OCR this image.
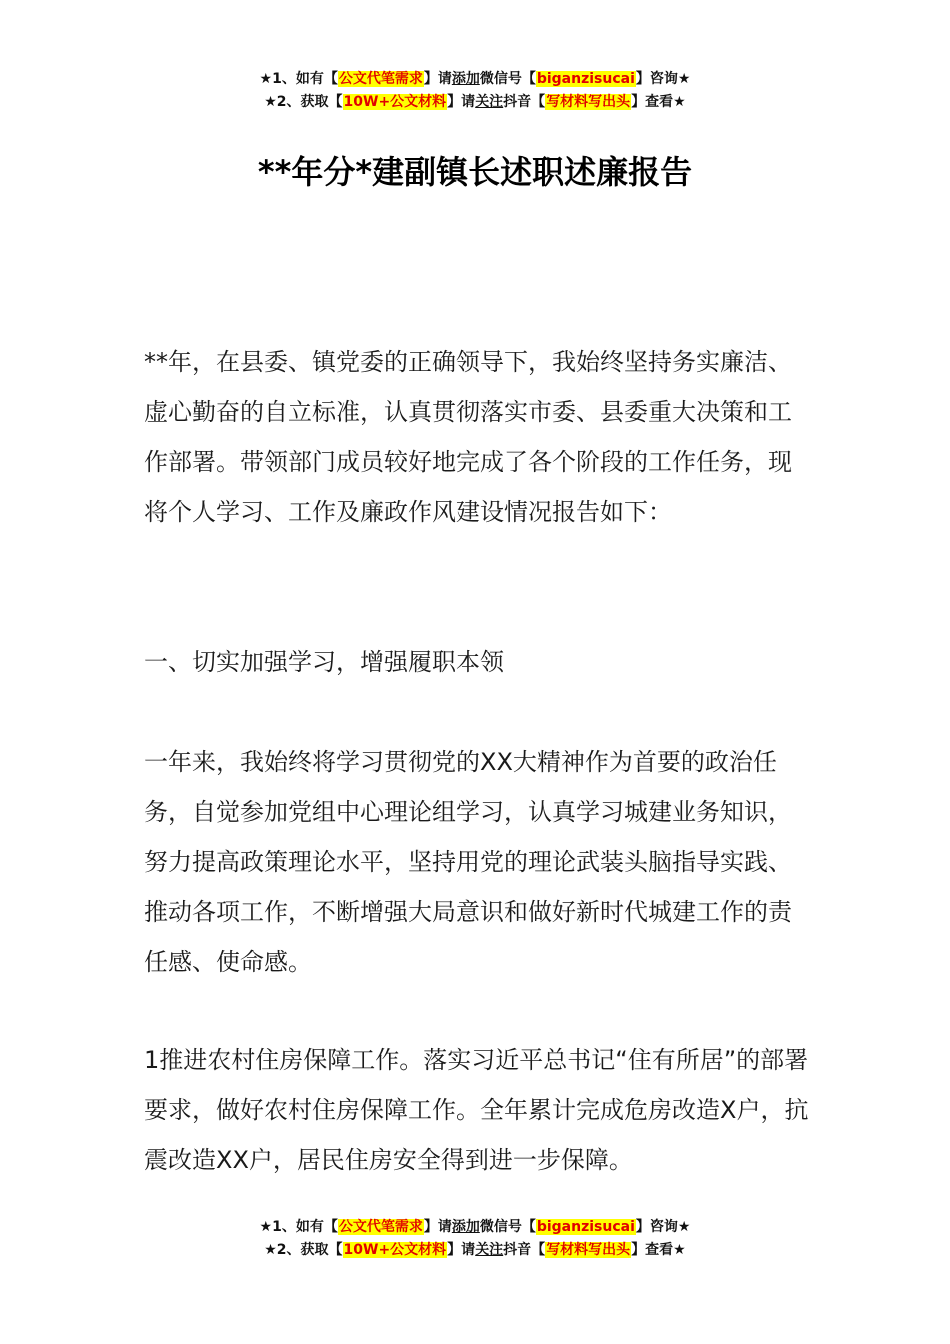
★1、如有【公文代笔需求】请添加微信号【biganzisucai】咨询★
★2、获取【10W+公文材料】请关注抖音【写材料写出头】查看★
**年分*建副镇长述职述廉报告

**年，在县委、镇党委的正确领导下，我始终坚持务实廉洁、虚心勤奋的自立标准，认真贯彻落实市委、县委重大决策和工作部署。带领部门成员较好地完成了各个阶段的工作任务，现将个人学习、工作及廉政作风建设情况报告如下：

一、切实加强学习，增强履职本领

一年来，我始终将学习贯彻党的XX大精神作为首要的政治任务，自觉参加党组中心理论组学习，认真学习城建业务知识，努力提高政策理论水平，坚持用党的理论武装头脑指导实践、推动各项工作，不断增强大局意识和做好新时代城建工作的责任感、使命感。

1推进农村住房保障工作。落实习近平总书记“住有所居”的部署要求，做好农村住房保障工作。全年累计完成危房改造X户，抗震改造XX户，居民住房安全得到进一步保障。

★1、如有【公文代笔需求】请添加微信号【biganzisucai】咨询★
★2、获取【10W+公文材料】请关注抖音【写材料写出头】查看★
